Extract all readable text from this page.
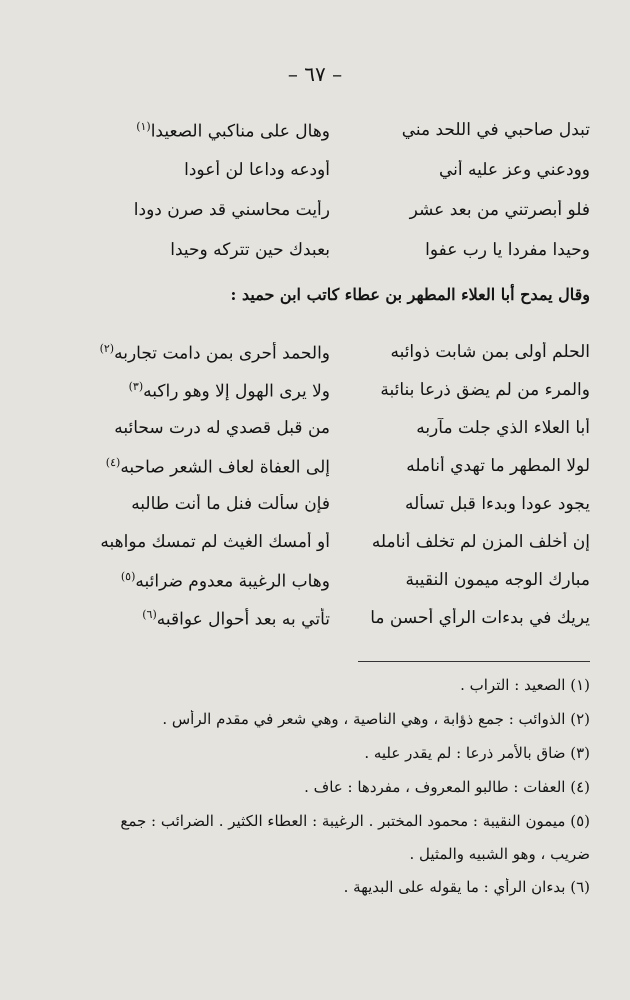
– ٦٧ –
تبدل صاحبي في اللحد مني
وهال على مناكبي الصعيدا$^{(١)}$
وودعني وعز عليه أني
أودعه وداعا لن أعودا
فلو أبصرتني من بعد عشر
رأيت محاسني قد صرن دودا
وحيدا مفردا يا رب عفوا
بعبدك حين تتركه وحيدا
وقال يمدح أبا العلاء المطهر بن عطاء كاتب ابن حميد :
الحلم أولى بمن شابت ذوائبه
والحمد أحرى بمن دامت تجاربه$^{(٢)}$
والمرء من لم يضق ذرعا بنائبة
ولا يرى الهول إلا وهو راكبه$^{(٣)}$
أبا العلاء الذي جلت مآربه
من قبل قصدي له درت سحائبه
لولا المطهر ما تهدي أنامله
إلى العفاة لعاف الشعر صاحبه$^{(٤)}$
يجود عودا وبدءا قبل تسأله
فإن سألت فنل ما أنت طالبه
إن أخلف المزن لم تخلف أنامله
أو أمسك الغيث لم تمسك مواهبه
مبارك الوجه ميمون النقيبة
وهاب الرغيبة معدوم ضرائبه$^{(٥)}$
يريك في بدءات الرأي أحسن ما
تأتي به بعد أحوال عواقبه$^{(٦)}$
(١) الصعيد : التراب .
(٢) الذوائب : جمع ذؤابة ، وهي الناصية ، وهي شعر في مقدم الرأس .
(٣) ضاق بالأمر ذرعا : لم يقدر عليه .
(٤) العفات : طالبو المعروف ، مفردها : عاف .
(٥) ميمون النقيبة : محمود المختبر . الرغيبة : العطاء الكثير . الضرائب : جمع
ضريب ، وهو الشبيه والمثيل .
(٦) بدءان الرأي : ما يقوله على البديهة .
